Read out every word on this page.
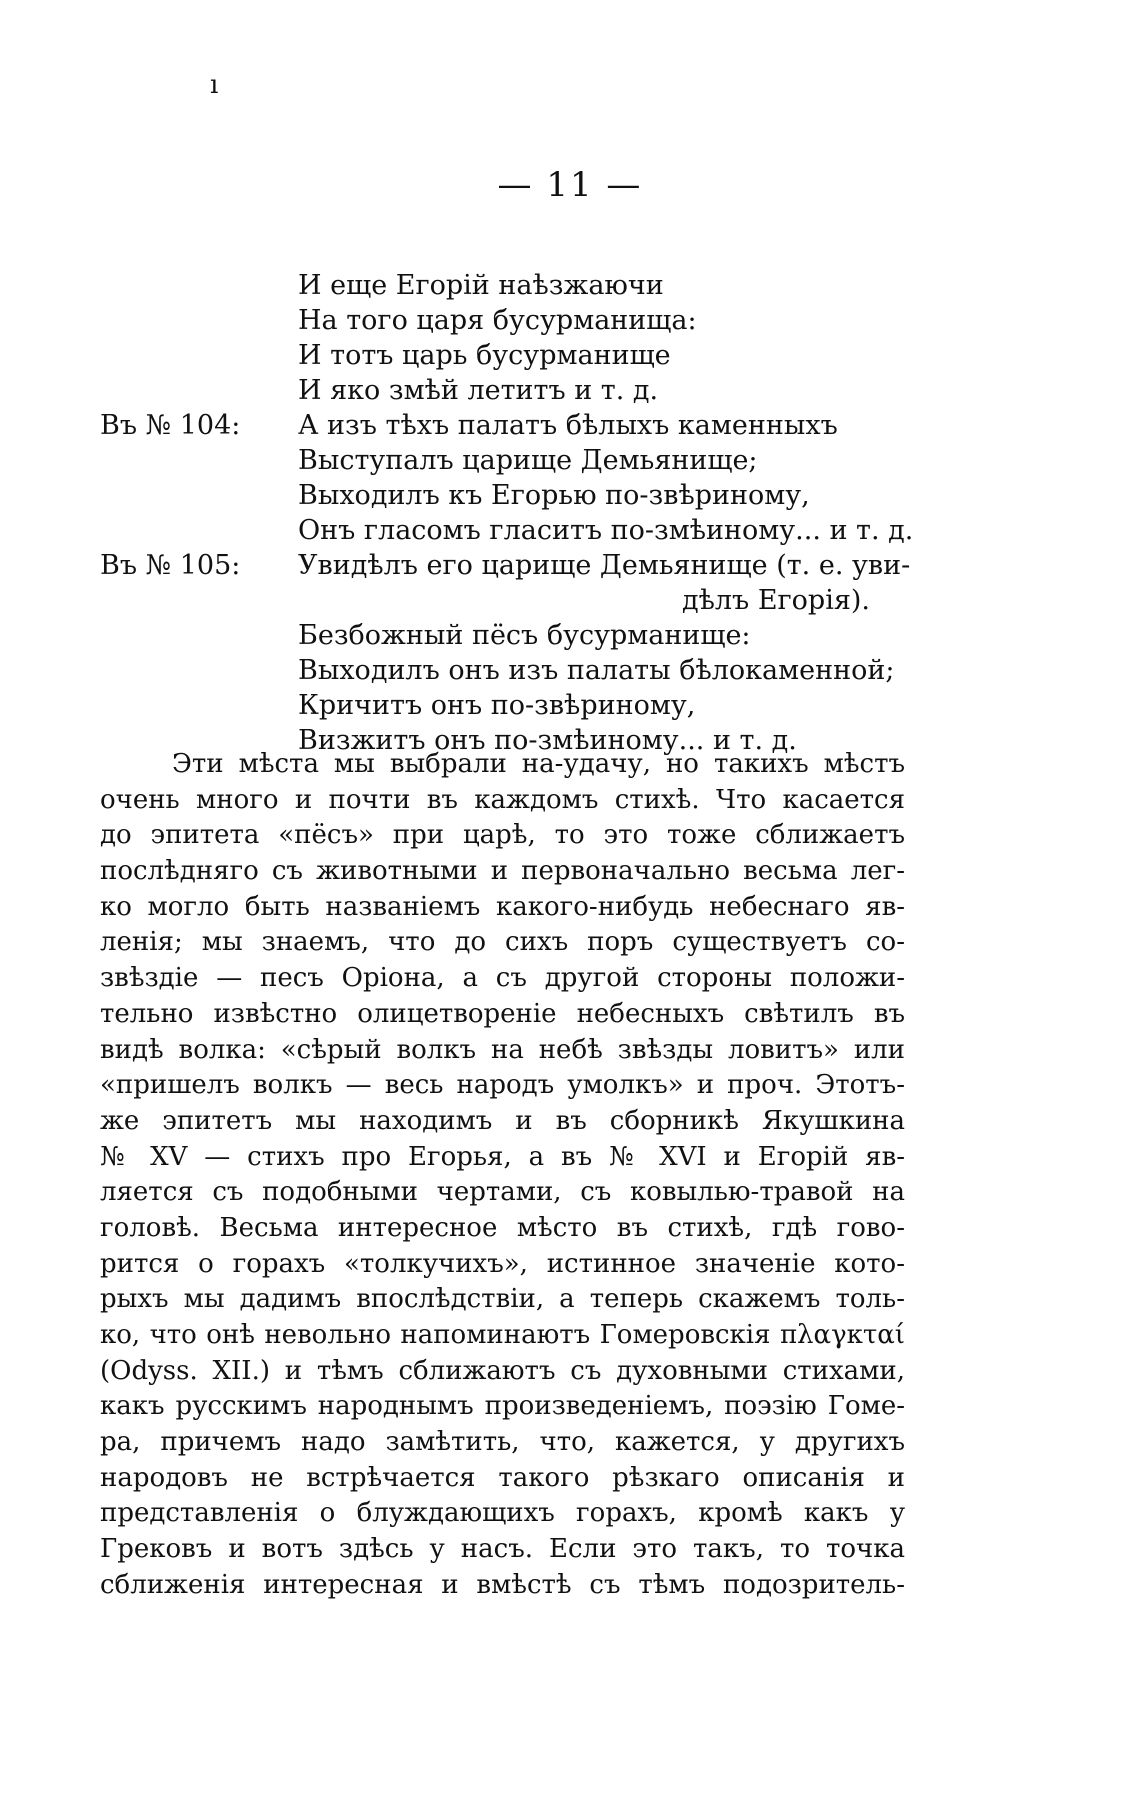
ı
— 11 —
И еще Егорій наѣзжаючи
На того царя бусурманища:
И тотъ царь бусурманище
И яко змѣй летитъ и т. д.
Въ № 104: А изъ тѣхъ палатъ бѣлыхъ каменныхъ
Выступалъ царище Демьянище;
Выходилъ къ Егорью по-звѣриному,
Онъ гласомъ гласитъ по-змѣиному... и т. д.
Въ № 105: Увидѣлъ его царище Демьянище (т. е. уви-
дѣлъ Егорія).
Безбожный пёсъ бусурманище:
Выходилъ онъ изъ палаты бѣлокаменной;
Кричитъ онъ по-звѣриному,
Визжитъ онъ по-змѣиному... и т. д.
Эти мѣста мы выбрали на-удачу, но такихъ мѣстъ
очень много и почти въ каждомъ стихѣ. Что касается
до эпитета «пёсъ» при царѣ, то это тоже сближаетъ
послѣдняго съ животными и первоначально весьма лег-
ко могло быть названіемъ какого-нибудь небеснаго яв-
ленія; мы знаемъ, что до сихъ поръ существуетъ со-
звѣздіе — песъ Оріона, а съ другой стороны положи-
тельно извѣстно олицетвореніе небесныхъ свѣтилъ въ
видѣ волка: «сѣрый волкъ на небѣ звѣзды ловитъ» или
«пришелъ волкъ — весь народъ умолкъ» и проч. Этотъ-
же эпитетъ мы находимъ и въ сборникѣ Якушкина
№ XV — стихъ про Егорья, а въ № XVI и Егорій яв-
ляется съ подобными чертами, съ ковылью-травой на
головѣ. Весьма интересное мѣсто въ стихѣ, гдѣ гово-
рится о горахъ «толкучихъ», истинное значеніе кото-
рыхъ мы дадимъ впослѣдствіи, а теперь скажемъ толь-
ко, что онѣ невольно напоминаютъ Гомеровскія πλαγκταί
(Odyss. XII.) и тѣмъ сближаютъ съ духовными стихами,
какъ русскимъ народнымъ произведеніемъ, поэзію Гоме-
ра, причемъ надо замѣтить, что, кажется, у другихъ
народовъ не встрѣчается такого рѣзкаго описанія и
представленія о блуждающихъ горахъ, кромѣ какъ у
Грековъ и вотъ здѣсь у насъ. Если это такъ, то точка
сближенія интересная и вмѣстѣ съ тѣмъ подозритель-
